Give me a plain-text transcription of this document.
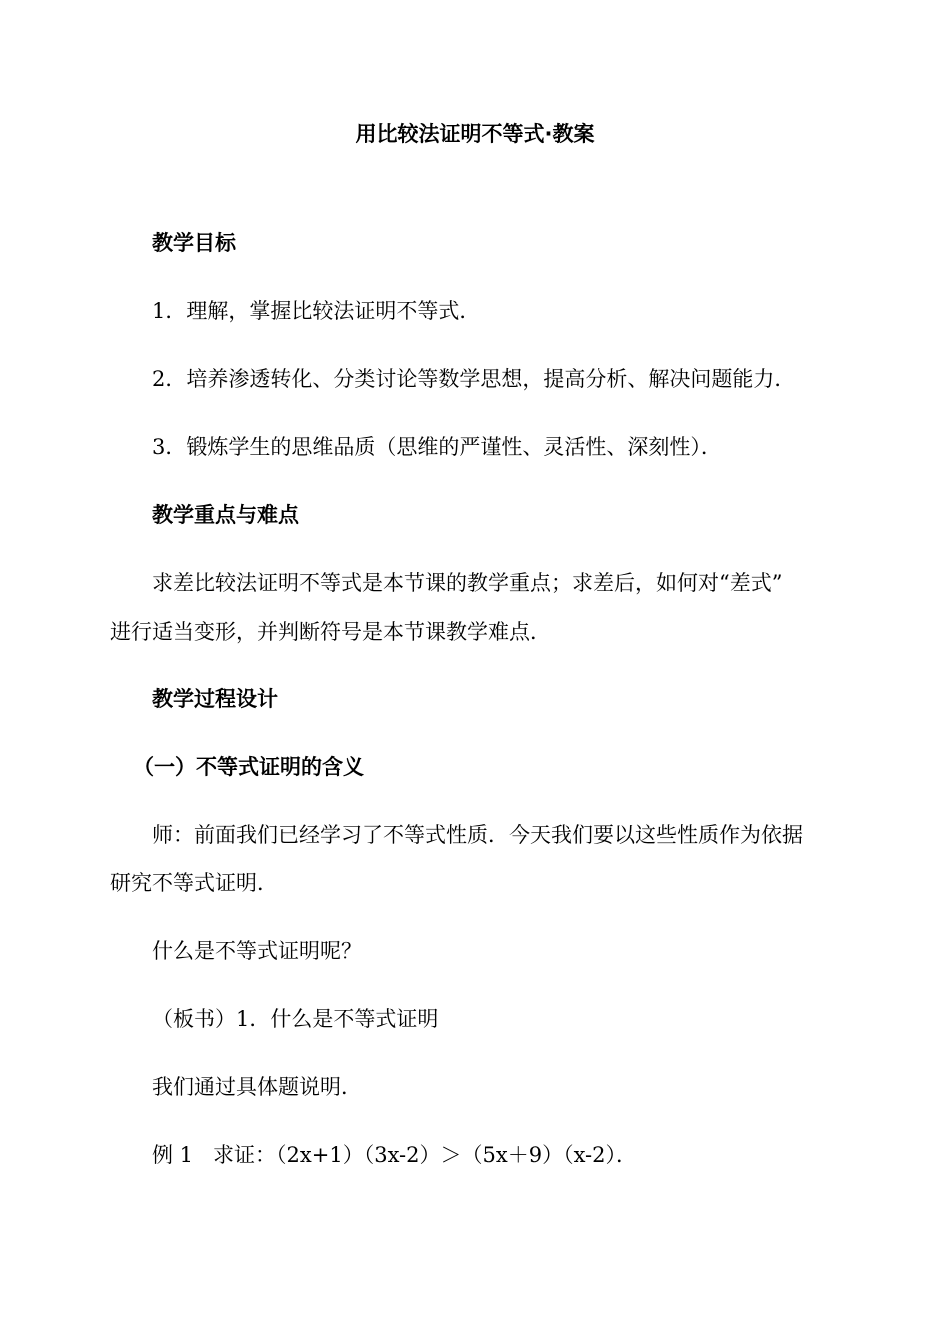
用比较法证明不等式·教案
教学目标
1．理解，掌握比较法证明不等式．
2．培养渗透转化、分类讨论等数学思想，提高分析、解决问题能力．
3．锻炼学生的思维品质（思维的严谨性、灵活性、深刻性）．
教学重点与难点
求差比较法证明不等式是本节课的教学重点；求差后，如何对“差式”
进行适当变形，并判断符号是本节课教学难点．
教学过程设计
（一）不等式证明的含义
师：前面我们已经学习了不等式性质．今天我们要以这些性质作为依据
研究不等式证明．
什么是不等式证明呢？
（板书）1．什么是不等式证明
我们通过具体题说明．
例 1 求证：（2x+1）（3x-2）＞（5x＋9）（x-2）．
